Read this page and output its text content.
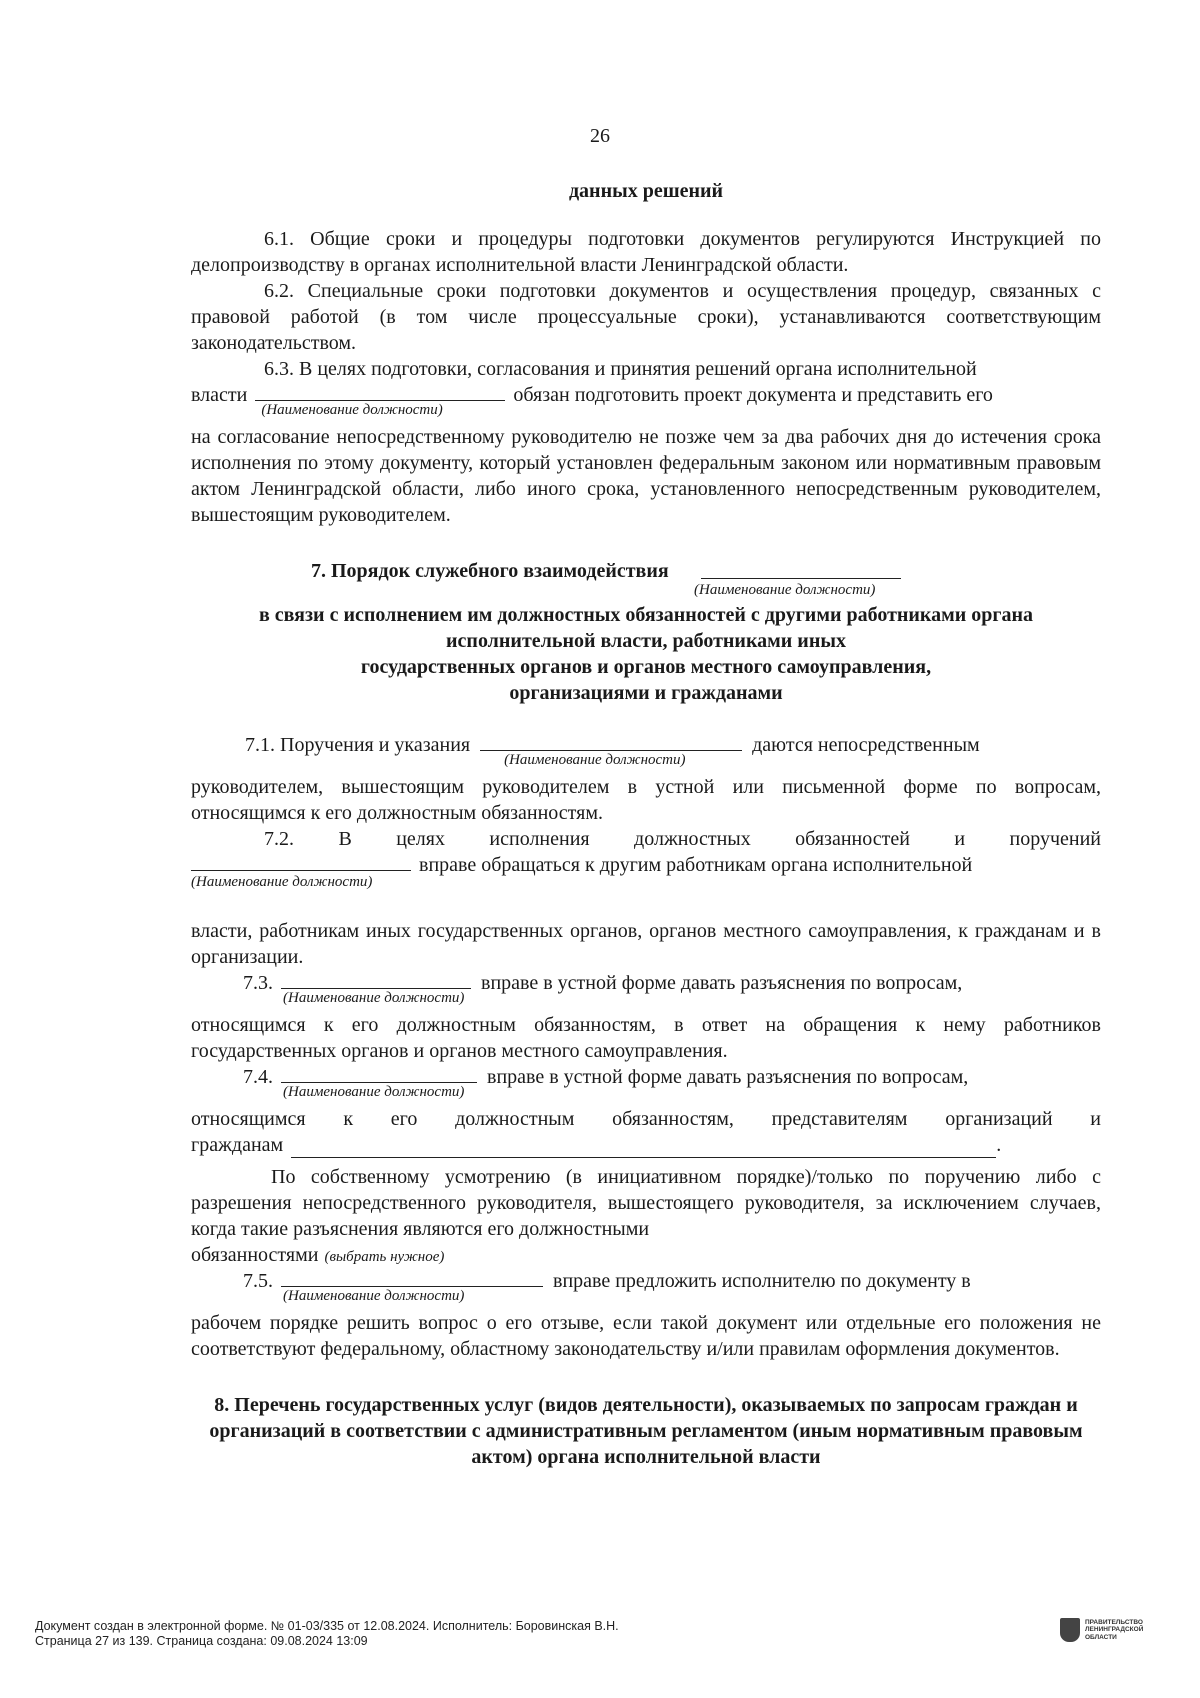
26

данных решений

6.1. Общие сроки и процедуры подготовки документов регулируются Инструкцией по делопроизводству в органах исполнительной власти Ленинградской области.

6.2. Специальные сроки подготовки документов и осуществления процедур, связанных с правовой работой (в том числе процессуальные сроки), устанавливаются соответствующим законодательством.

6.3. В целях подготовки, согласования и принятия решений органа исполнительной

власти
(Наименование должности)
обязан подготовить проект документа и представить его

на согласование непосредственному руководителю не позже чем за два рабочих дня до истечения срока исполнения по этому документу, который установлен федеральным законом или нормативным правовым актом Ленинградской области, либо иного срока, установленного непосредственным руководителем, вышестоящим руководителем.

7. Порядок служебного взаимодействия
(Наименование должности)

в связи с исполнением им должностных обязанностей с другими работниками органа исполнительной власти, работниками иных

государственных органов и органов местного самоуправления,

организациями и гражданами

7.1. Поручения и указания
(Наименование должности)
даются непосредственным

руководителем, вышестоящим руководителем в устной или письменной форме по вопросам, относящимся к его должностным обязанностям.

7.2. В целях исполнения должностных обязанностей и поручений

(Наименование должности)
вправе обращаться к другим работникам органа исполнительной

власти, работникам иных государственных органов, органов местного самоуправления, к гражданам и в организации.

7.3.
(Наименование должности)
вправе в устной форме давать разъяснения по вопросам,

относящимся к его должностным обязанностям, в ответ на обращения к нему работников государственных органов и органов местного самоуправления.

7.4.
(Наименование должности)
вправе в устной форме давать разъяснения по вопросам,

относящимся к его должностным обязанностям, представителям организаций и

гражданам	.

По собственному усмотрению (в инициативном порядке)/только по поручению либо с разрешения непосредственного руководителя, вышестоящего руководителя, за исключением случаев, когда такие разъяснения являются его должностными

обязанностями (выбрать нужное)
7.5.
(Наименование должности)
вправе предложить исполнителю по документу в

рабочем порядке решить вопрос о его отзыве, если такой документ или отдельные его положения не соответствуют федеральному, областному законодательству и/или правилам оформления документов.

8. Перечень государственных услуг (видов деятельности), оказываемых по запросам граждан и организаций в соответствии с административным регламентом (иным нормативным правовым актом) органа исполнительной власти

Документ создан в электронной форме. № 01-03/335 от 12.08.2024. Исполнитель: Боровинская В.Н.
Страница 27 из 139. Страница создана: 09.08.2024 13:09
ПРАВИТЕЛЬСТВО
ЛЕНИНГРАДСКОЙ
ОБЛАСТИ
